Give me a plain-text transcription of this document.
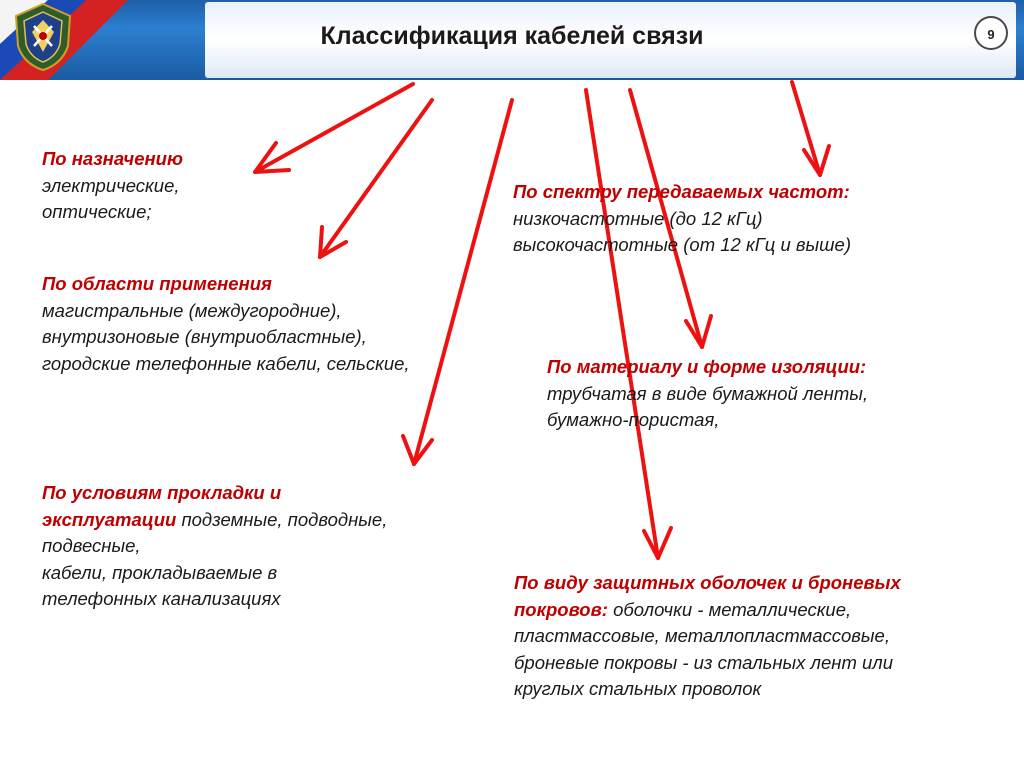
Классификация кабелей связи	9
По назначению
электрические,
оптические;
По области применения
магистральные (междугородние),
внутризоновые (внутриобластные),
городские телефонные кабели, сельские,
По условиям прокладки и
эксплуатации подземные, подводные,
подвесные,
кабели, прокладываемые в
телефонных канализациях
По спектру передаваемых частот:
низкочастотные (до 12 кГц)
высокочастотные (от 12 кГц и выше)
По материалу и форме изоляции:
трубчатая в виде бумажной ленты,
бумажно-пористая,
По виду защитных оболочек и броневых
покровов: оболочки - металлические,
пластмассовые, металлопластмассовые,
броневые покровы - из стальных лент или
круглых стальных проволок
